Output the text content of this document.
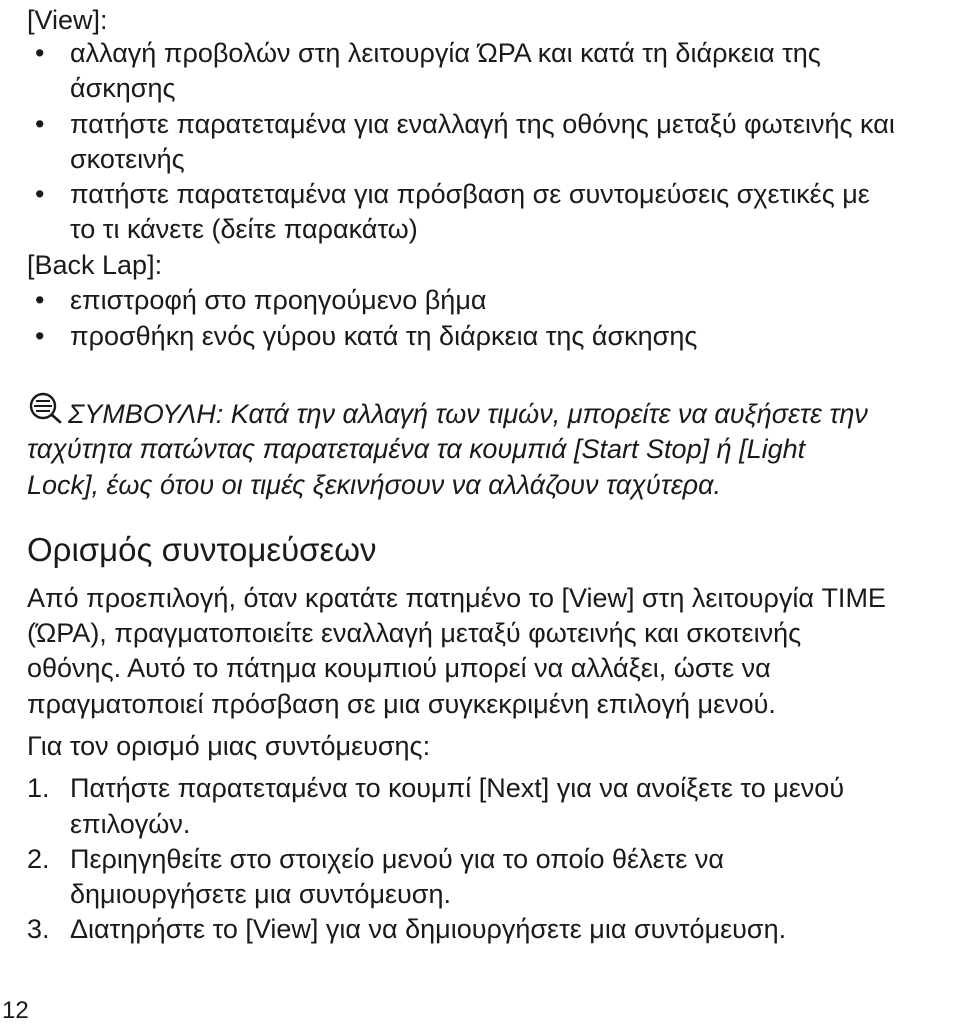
[View]:
• αλλαγή προβολών στη λειτουργία ΏΡΑ και κατά τη διάρκεια της
άσκησης
• πατήστε παρατεταμένα για εναλλαγή της οθόνης μεταξύ φωτεινής και
σκοτεινής
• πατήστε παρατεταμένα για πρόσβαση σε συντομεύσεις σχετικές με
το τι κάνετε (δείτε παρακάτω)
[Back Lap]:
• επιστροφή στο προηγούμενο βήμα
• προσθήκη ενός γύρου κατά τη διάρκεια της άσκησης
ΣΥΜΒΟΥΛΗ: Κατά την αλλαγή των τιμών, μπορείτε να αυξήσετε την
ταχύτητα πατώντας παρατεταμένα τα κουμπιά [Start Stop] ή [Light
Lock], έως ότου οι τιμές ξεκινήσουν να αλλάζουν ταχύτερα.
Ορισμός συντομεύσεων
Από προεπιλογή, όταν κρατάτε πατημένο το [View] στη λειτουργία TIME
(ΏΡΑ), πραγματοποιείτε εναλλαγή μεταξύ φωτεινής και σκοτεινής
οθόνης. Αυτό το πάτημα κουμπιού μπορεί να αλλάξει, ώστε να
πραγματοποιεί πρόσβαση σε μια συγκεκριμένη επιλογή μενού.
Για τον ορισμό μιας συντόμευσης:
1. Πατήστε παρατεταμένα το κουμπί [Next] για να ανοίξετε το μενού
επιλογών.
2. Περιηγηθείτε στο στοιχείο μενού για το οποίο θέλετε να
δημιουργήσετε μια συντόμευση.
3. Διατηρήστε το [View] για να δημιουργήσετε μια συντόμευση.
12
